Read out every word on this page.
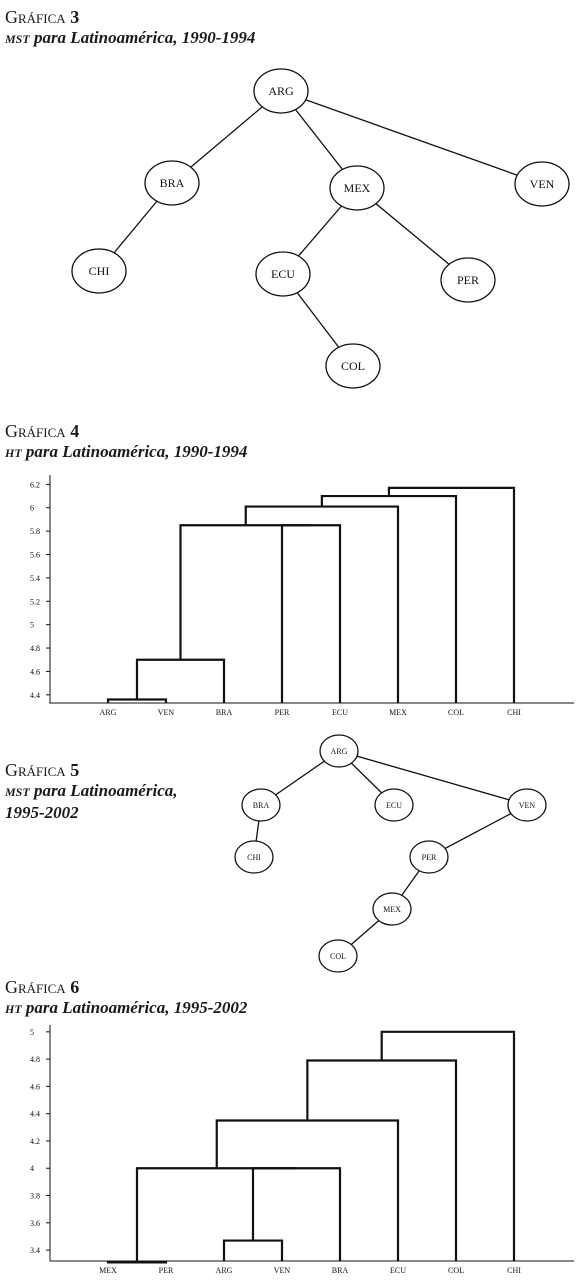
Gráfica 3
mst para Latinoamérica, 1990-1994
ARG
BRA	MEX	VEN
CHI	ECU	PER
COL
Gráfica 4
ht para Latinoamérica, 1990-1994
4.4
4.6
4.8
5
5.2
5.4
5.6
5.8
6
6.2
ARG	VEN	BRA	PER	ECU	MEX	COL	CHI
Gráfica 5
mst para Latinoamérica,
1995-2002
ARG
BRA	ECU	VEN
CHI	PER
MEX
COL
Gráfica 6
ht para Latinoamérica, 1995-2002
3.4
3.6
3.8
4
4.2
4.4
4.6
4.8
5
MEX	PER	ARG	VEN	BRA	ECU	COL	CHI
